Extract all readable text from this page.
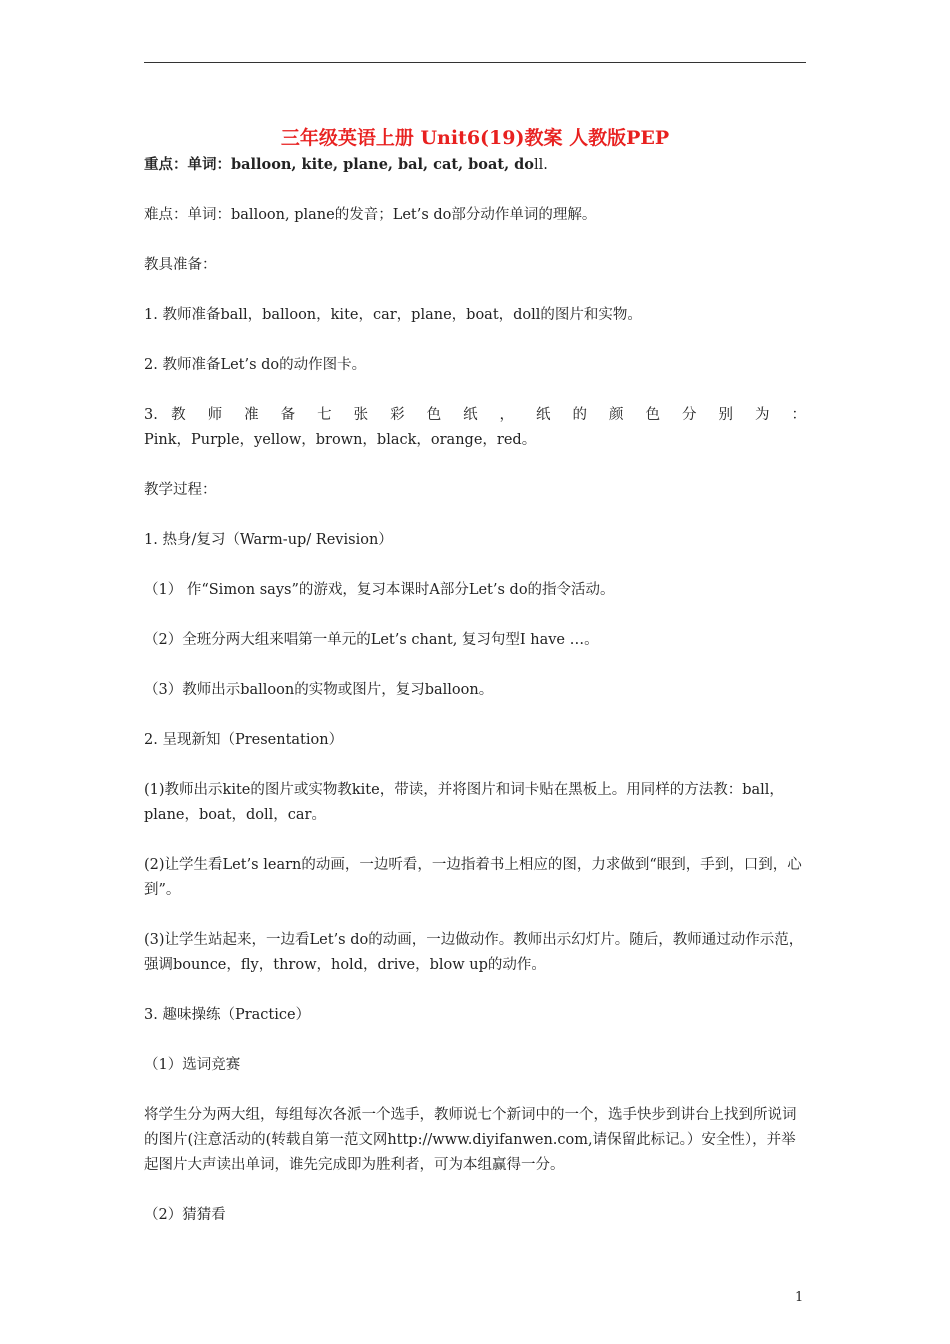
三年级英语上册 Unit6(19)教案 人教版PEP

重点：单词：balloon, kite, plane, bal, cat, boat, doll.

难点：单词：balloon, plane的发音；Let’s do部分动作单词的理解。

教具准备：

1. 教师准备ball，balloon，kite，car，plane，boat，doll的图片和实物。

2. 教师准备Let’s do的动作图卡。

3. 教 师 准 备 七 张 彩 色 纸 ， 纸 的 颜 色 分 别 为 ：
Pink，Purple，yellow，brown，black，orange，red。

教学过程：

1. 热身/复习（Warm-up/ Revision）

（1） 作“Simon says”的游戏，复习本课时A部分Let’s do的指令活动。

（2）全班分两大组来唱第一单元的Let’s chant, 复习句型I have …。

（3）教师出示balloon的实物或图片，复习balloon。

2. 呈现新知（Presentation）

(1)教师出示kite的图片或实物教kite，带读，并将图片和词卡贴在黑板上。用同样的方法教：ball，plane，boat，doll，car。

(2)让学生看Let’s learn的动画，一边听看，一边指着书上相应的图，力求做到“眼到，手到，口到，心到”。

(3)让学生站起来，一边看Let’s do的动画，一边做动作。教师出示幻灯片。随后，教师通过动作示范，强调bounce，fly，throw，hold，drive，blow up的动作。

3. 趣味操练（Practice）

（1）选词竞赛

将学生分为两大组，每组每次各派一个选手，教师说七个新词中的一个，选手快步到讲台上找到所说词的图片(注意活动的(转载自第一范文网http://www.diyifanwen.com,请保留此标记。）安全性），并举起图片大声读出单词，谁先完成即为胜利者，可为本组赢得一分。

（2）猜猜看

1
